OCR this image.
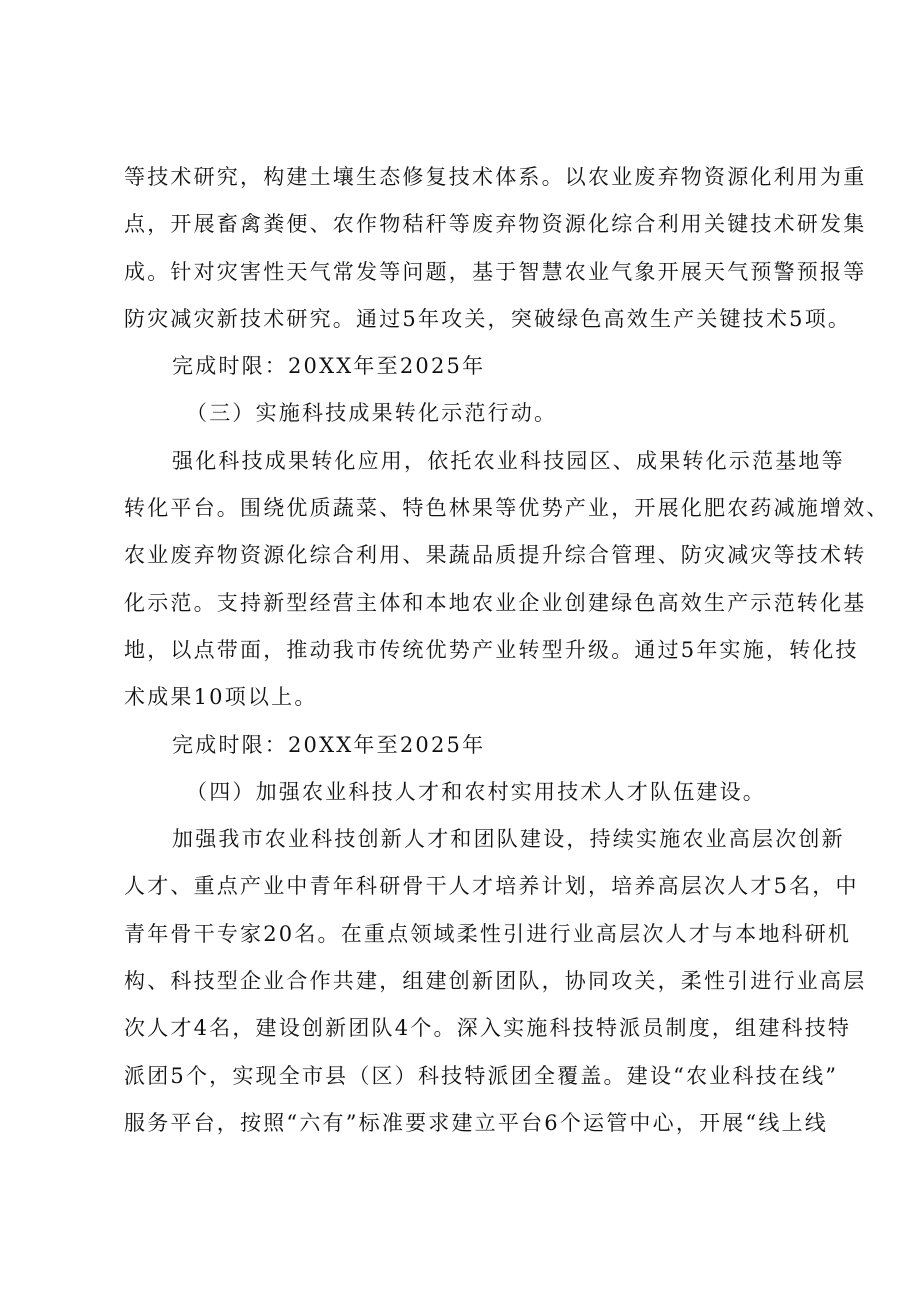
等技术研究，构建土壤生态修复技术体系。以农业废弃物资源化利用为重
点，开展畜禽粪便、农作物秸秆等废弃物资源化综合利用关键技术研发集
成。针对灾害性天气常发等问题，基于智慧农业气象开展天气预警预报等
防灾减灾新技术研究。通过5年攻关，突破绿色高效生产关键技术5项。
完成时限：20XX年至2025年
（三）实施科技成果转化示范行动。
强化科技成果转化应用，依托农业科技园区、成果转化示范基地等
转化平台。围绕优质蔬菜、特色林果等优势产业，开展化肥农药减施增效、
农业废弃物资源化综合利用、果蔬品质提升综合管理、防灾减灾等技术转
化示范。支持新型经营主体和本地农业企业创建绿色高效生产示范转化基
地，以点带面，推动我市传统优势产业转型升级。通过5年实施，转化技
术成果10项以上。
完成时限：20XX年至2025年
（四）加强农业科技人才和农村实用技术人才队伍建设。
加强我市农业科技创新人才和团队建设，持续实施农业高层次创新
人才、重点产业中青年科研骨干人才培养计划，培养高层次人才5名，中
青年骨干专家20名。在重点领域柔性引进行业高层次人才与本地科研机
构、科技型企业合作共建，组建创新团队，协同攻关，柔性引进行业高层
次人才4名，建设创新团队4个。深入实施科技特派员制度，组建科技特
派团5个，实现全市县（区）科技特派团全覆盖。建设“农业科技在线”
服务平台，按照“六有”标准要求建立平台6个运管中心，开展“线上线
